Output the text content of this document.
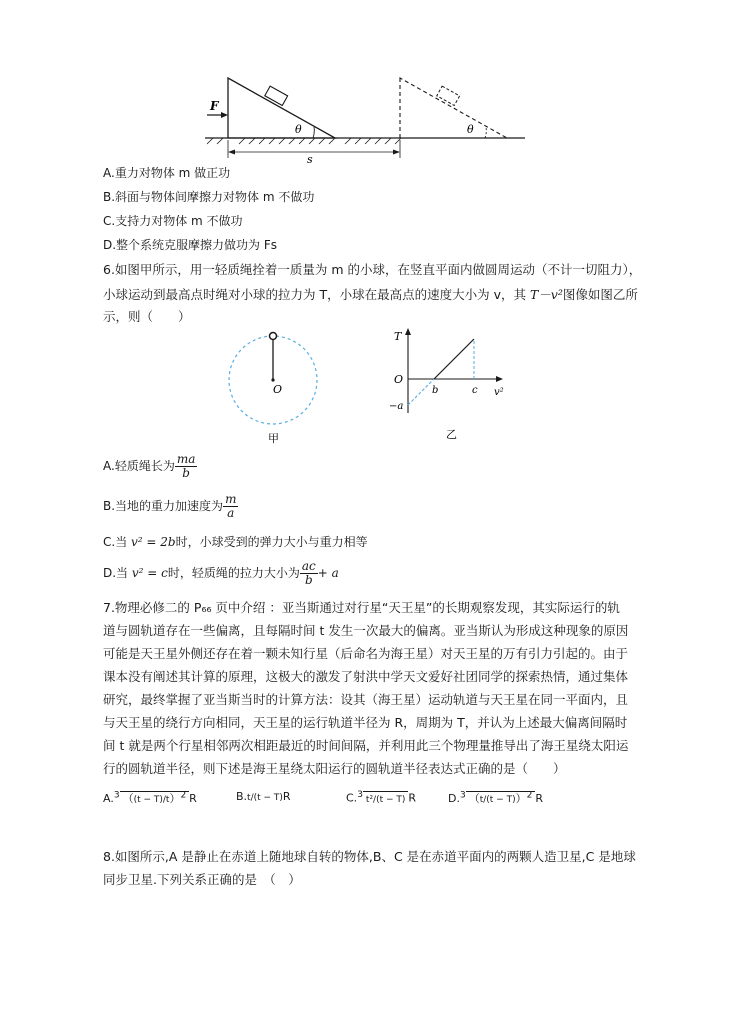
F
θ	θ
s
A.重力对物体 m 做正功
B.斜面与物体间摩擦力对物体 m 不做功
C.支持力对物体 m 不做功
D.整个系统克服摩擦力做功为 Fs
6.如图甲所示，用一轻质绳拴着一质量为 m 的小球，在竖直平面内做圆周运动（不计一切阻力），
小球运动到最高点时绳对小球的拉力为 T，小球在最高点的速度大小为 v，其 T－v²图像如图乙所
示，则（　　）
O
甲
T
O
−a
b	c v²
乙
A.轻质绳长为 $\frac{ma}{b}$
B.当地的重力加速度为 $\frac{m}{a}$
C.当 v² = 2b时，小球受到的弹力大小与重力相等
D.当 v² = c时，轻质绳的拉力大小为 $\frac{ac}{b} + a$
7.物理必修二的 P₆₆ 页中介绍 ：亚当斯通过对行星“天王星”的长期观察发现，其实际运行的轨
道与圆轨道存在一些偏离，且每隔时间 t 发生一次最大的偏离。亚当斯认为形成这种现象的原因
可能是天王星外侧还存在着一颗未知行星（后命名为海王星）对天王星的万有引力引起的。由于
课本没有阐述其计算的原理，这极大的激发了射洪中学天文爱好社团同学的探索热情，通过集体
研究，最终掌握了亚当斯当时的计算方法：设其（海王星）运动轨道与天王星在同一平面内，且
与天王星的绕行方向相同，天王星的运行轨道半径为 R，周期为 T，并认为上述最大偏离间隔时
间 t 就是两个行星相邻两次相距最近的时间间隔，并利用此三个物理量推导出了海王星绕太阳运
行的圆轨道半径，则下述是海王星绕太阳运行的圆轨道半径表达式正确的是（　　）
A.$^3$ $((t - T)/t)^2$ R	B.t/(t − T)R	C.$^3$ t²/(t − T) R	D.$^3$ $(t/(t - T))^2$ R
8.如图所示,A 是静止在赤道上随地球自转的物体,B、C 是在赤道平面内的两颗人造卫星,C 是地球
同步卫星.下列关系正确的是　（　）
